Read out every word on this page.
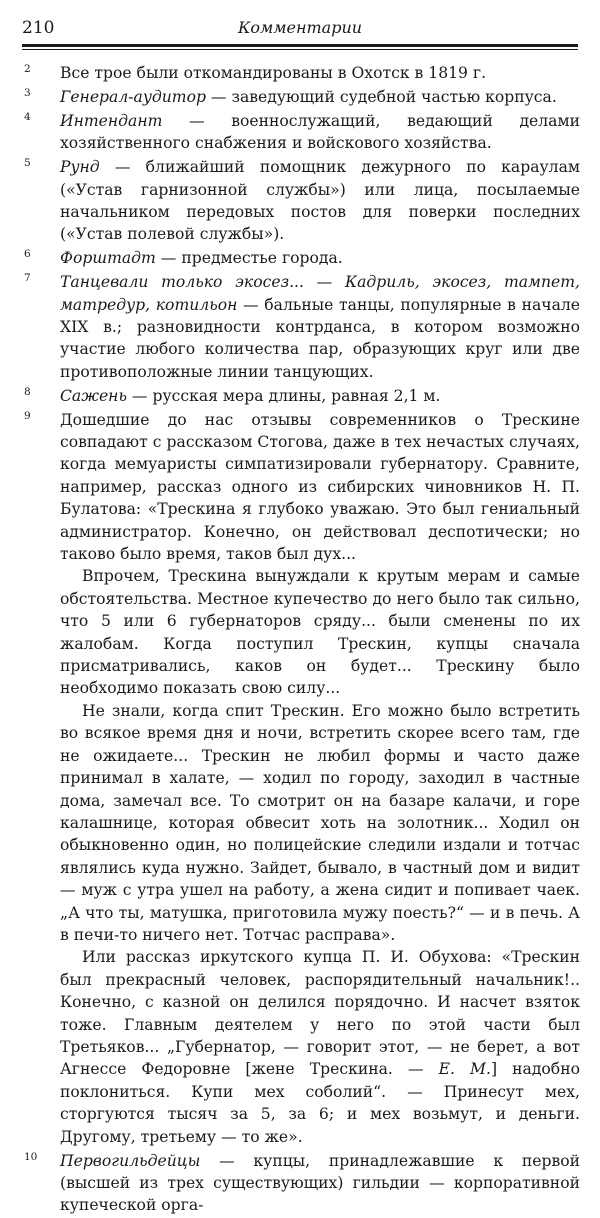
210	Комментарии
2 Все трое были откомандированы в Охотск в 1819 г.

3 Генерал-аудитор — заведующий судебной частью корпуса.

4 Интендант — военнослужащий, ведающий делами хозяйственного снабжения и войскового хозяйства.

5 Рунд — ближайший помощник дежурного по караулам («Устав гарнизонной службы») или лица, посылаемые начальником передовых постов для поверки последних («Устав полевой службы»).

6 Форштадт — предместье города.

7 Танцевали только экосез... — Кадриль, экосез, тампет, матредур, котильон — бальные танцы, популярные в начале XIX в.; разновидности контрданса, в котором возможно участие любого количества пар, образующих круг или две противоположные линии танцующих.

8 Сажень — русская мера длины, равная 2,1 м.

9 Дошедшие до нас отзывы современников о Трескине совпадают с рассказом Стогова, даже в тех нечастых случаях, когда мемуаристы симпатизировали губернатору. Сравните, например, рассказ одного из сибирских чиновников Н. П. Булатова: «Трескина я глубоко уважаю. Это был гениальный администратор. Конечно, он действовал деспотически; но таково было время, таков был дух...

Впрочем, Трескина вынуждали к крутым мерам и самые обстоятельства. Местное купечество до него было так сильно, что 5 или 6 губернаторов сряду... были сменены по их жалобам. Когда поступил Трескин, купцы сначала присматривались, каков он будет... Трескину было необходимо показать свою силу...

Не знали, когда спит Трескин. Его можно было встретить во всякое время дня и ночи, встретить скорее всего там, где не ожидаете... Трескин не любил формы и часто даже принимал в халате, — ходил по городу, заходил в частные дома, замечал все. То смотрит он на базаре калачи, и горе калашнице, которая обвесит хоть на золотник... Ходил он обыкновенно один, но полицейские следили издали и тотчас являлись куда нужно. Зайдет, бывало, в частный дом и видит — муж с утра ушел на работу, а жена сидит и попивает чаек. „А что ты, матушка, приготовила мужу поесть?“ — и в печь. А в печи-то ничего нет. Тотчас расправа».

Или рассказ иркутского купца П. И. Обухова: «Трескин был прекрасный человек, распорядительный начальник!.. Конечно, с казной он делился порядочно. И насчет взяток тоже. Главным деятелем у него по этой части был Третьяков... „Губернатор, — говорит этот, — не берет, а вот Агнессе Федоровне [жене Трескина. — Е. М.] надобно поклониться. Купи мех соболий“. — Принесут мех, сторгуются тысяч за 5, за 6; и мех возьмут, и деньги. Другому, третьему — то же».

10 Первогильдейцы — купцы, принадлежавшие к первой (высшей из трех существующих) гильдии — корпоративной купеческой орга-
